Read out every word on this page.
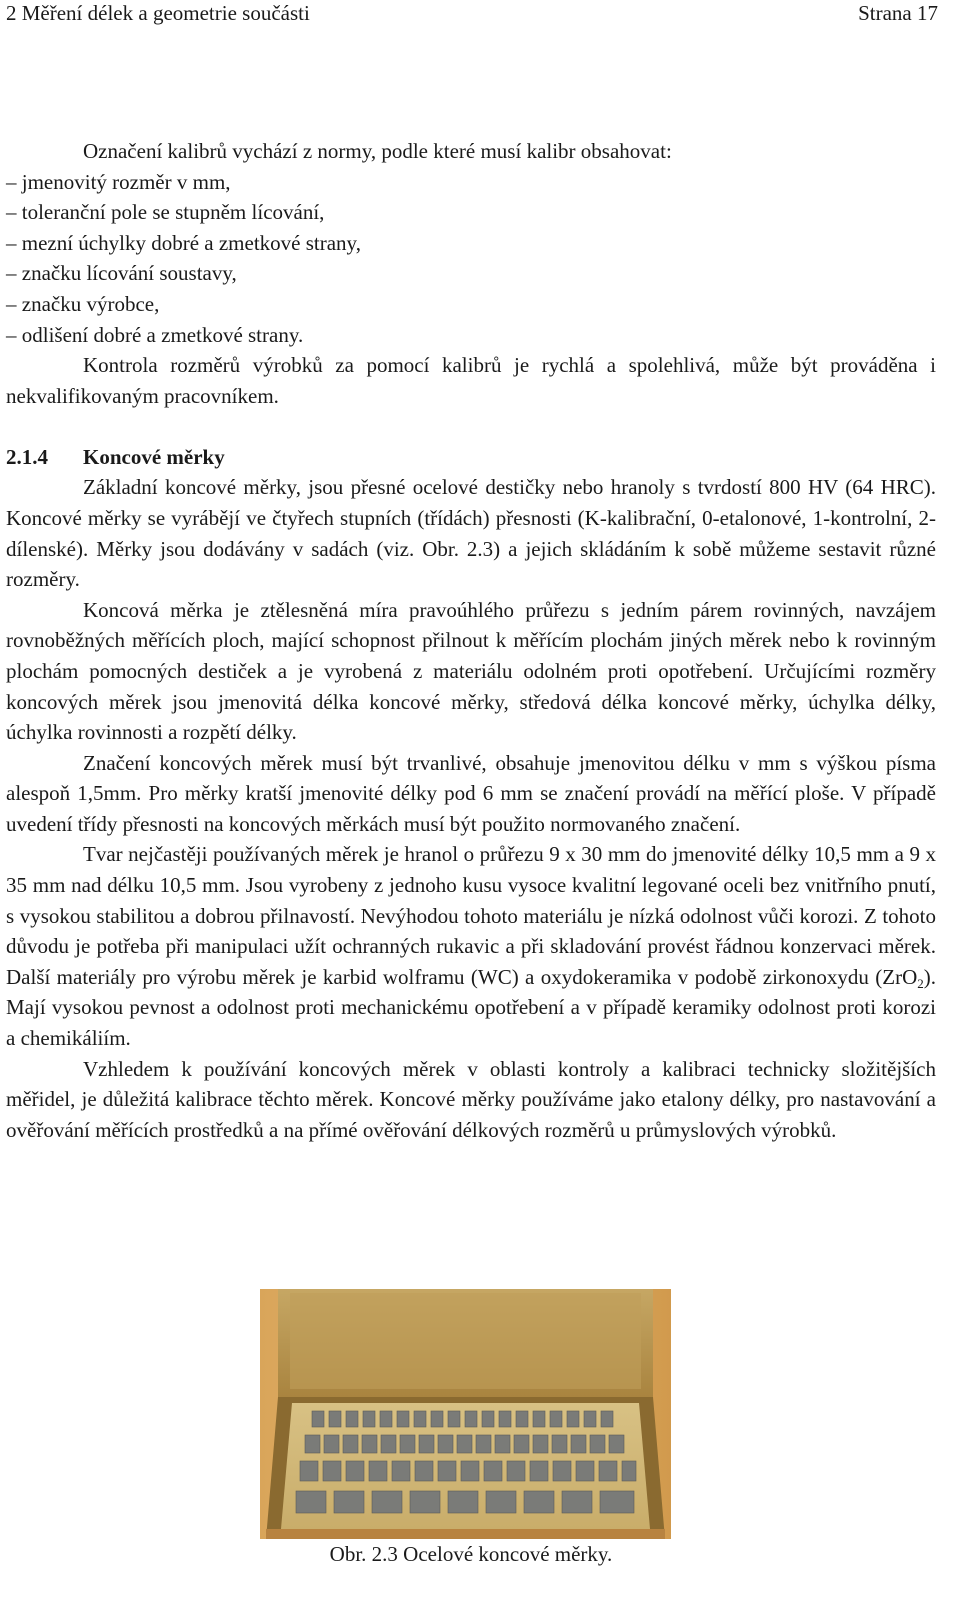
2 Měření délek a geometrie součásti	Strana 17

Označení kalibrů vychází z normy, podle které musí kalibr obsahovat:

– jmenovitý rozměr v mm,
– toleranční pole se stupněm lícování,
– mezní úchylky dobré a zmetkové strany,
– značku lícování soustavy,
– značku výrobce,
– odlišení dobré a zmetkové strany.

Kontrola rozměrů výrobků za pomocí kalibrů je rychlá a spolehlivá, může být prováděna i nekvalifikovaným pracovníkem.

2.1.4 Koncové měrky

Základní koncové měrky, jsou přesné ocelové destičky nebo hranoly s tvrdostí 800 HV (64 HRC). Koncové měrky se vyrábějí ve čtyřech stupních (třídách) přesnosti (K-kalibrační, 0-etalonové, 1-kontrolní, 2-dílenské). Měrky jsou dodávány v sadách (viz. Obr. 2.3) a jejich skládáním k sobě můžeme sestavit různé rozměry.

Koncová měrka je ztělesněná míra pravoúhlého průřezu s jedním párem rovinných, navzájem rovnoběžných měřících ploch, mající schopnost přilnout k měřícím plochám jiných měrek nebo k rovinným plochám pomocných destiček a je vyrobená z materiálu odolném proti opotřebení. Určujícími rozměry koncových měrek jsou jmenovitá délka koncové měrky, středová délka koncové měrky, úchylka délky, úchylka rovinnosti a rozpětí délky.

Značení koncových měrek musí být trvanlivé, obsahuje jmenovitou délku v mm s výškou písma alespoň 1,5mm. Pro měrky kratší jmenovité délky pod 6 mm se značení provádí na měřící ploše. V případě uvedení třídy přesnosti na koncových měrkách musí být použito normovaného značení.

Tvar nejčastěji používaných měrek je hranol o průřezu 9 x 30 mm do jmenovité délky 10,5 mm a 9 x 35 mm nad délku 10,5 mm. Jsou vyrobeny z jednoho kusu vysoce kvalitní legované oceli bez vnitřního pnutí, s vysokou stabilitou a dobrou přilnavostí. Nevýhodou tohoto materiálu je nízká odolnost vůči korozi. Z tohoto důvodu je potřeba při manipulaci užít ochranných rukavic a při skladování provést řádnou konzervaci měrek. Další materiály pro výrobu měrek je karbid wolframu (WC) a oxydokeramika v podobě zirkonoxydu (ZrO$_2$). Mají vysokou pevnost a odolnost proti mechanickému opotřebení a v případě keramiky odolnost proti korozi a chemikáliím.

Vzhledem k používání koncových měrek v oblasti kontroly a kalibraci technicky složitějších měřidel, je důležitá kalibrace těchto měrek. Koncové měrky používáme jako etalony délky, pro nastavování a ověřování měřících prostředků a na přímé ověřování délkových rozměrů u průmyslových výrobků.

Obr. 2.3 Ocelové koncové měrky.
